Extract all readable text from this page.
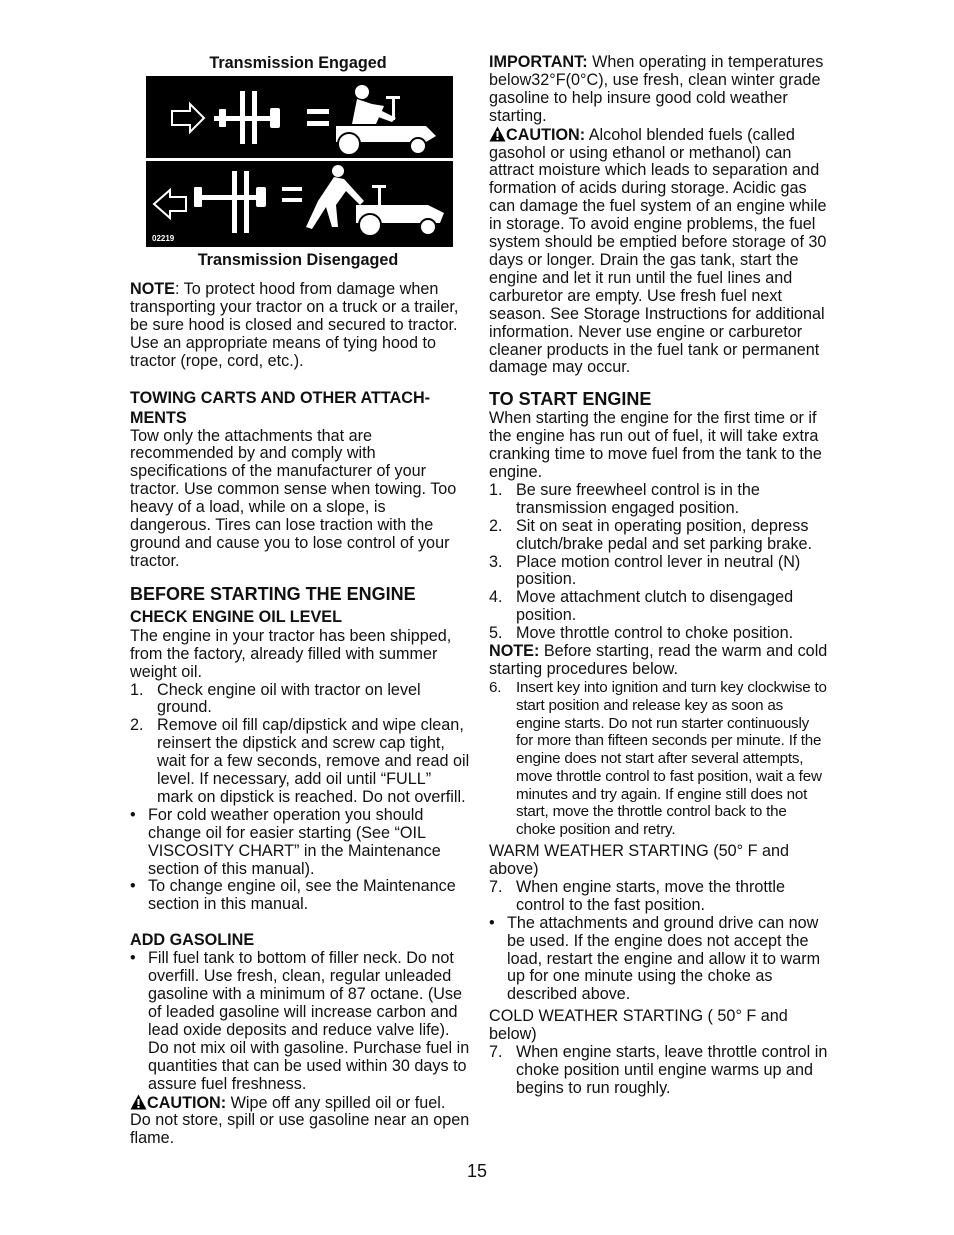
Transmission Engaged
02219
Transmission Disengaged

NOTE: To protect hood from damage when transporting your tractor on a truck or a trailer, be sure hood is closed and secured to tractor. Use an appropriate means of tying hood to tractor (rope, cord, etc.).

TOWING CARTS AND OTHER ATTACH-
MENTS

Tow only the attachments that are recommended by and comply with specifications of the manufacturer of your tractor. Use common sense when towing. Too heavy of a load, while on a slope, is dangerous. Tires can lose traction with the ground and cause you to lose control of your tractor.

BEFORE STARTING THE ENGINE
CHECK ENGINE OIL LEVEL

The engine in your tractor has been shipped, from the factory, already filled with summer weight oil.

1. Check engine oil with tractor on level ground.
2. Remove oil fill cap/dipstick and wipe clean, reinsert the dipstick and screw cap tight, wait for a few seconds, remove and read oil level. If necessary, add oil until “FULL” mark on dipstick is reached. Do not overfill.
• For cold weather operation you should change oil for easier starting (See “OIL VISCOSITY CHART” in the Maintenance section of this manual).
• To change engine oil, see the Maintenance section in this manual.
ADD GASOLINE
• Fill fuel tank to bottom of filler neck. Do not overfill. Use fresh, clean, regular unleaded gasoline with a minimum of 87 octane. (Use of leaded gasoline will increase carbon and lead oxide deposits and reduce valve life). Do not mix oil with gasoline. Purchase fuel in quantities that can be used within 30 days to assure fuel freshness.

CAUTION: Wipe off any spilled oil or fuel. Do not store, spill or use gasoline near an open flame.

IMPORTANT: When operating in temperatures below32°F(0°C), use fresh, clean winter grade gasoline to help insure good cold weather starting.

CAUTION: Alcohol blended fuels (called gasohol or using ethanol or methanol) can attract moisture which leads to separation and formation of acids during storage. Acidic gas can damage the fuel system of an engine while in storage. To avoid engine problems, the fuel system should be emptied before storage of 30 days or longer. Drain the gas tank, start the engine and let it run until the fuel lines and carburetor are empty. Use fresh fuel next season. See Storage Instructions for additional information. Never use engine or carburetor cleaner products in the fuel tank or permanent damage may occur.

TO START ENGINE

When starting the engine for the first time or if the engine has run out of fuel, it will take extra cranking time to move fuel from the tank to the engine.

1. Be sure freewheel control is in the transmission engaged position.
2. Sit on seat in operating position, depress clutch/brake pedal and set parking brake.
3. Place motion control lever in neutral (N) position.
4. Move attachment clutch to disengaged position.
5. Move throttle control to choke position.

NOTE: Before starting, read the warm and cold starting procedures below.

6. Insert key into ignition and turn key clockwise to start position and release key as soon as engine starts. Do not run starter continuously for more than fifteen seconds per minute. If the engine does not start after several attempts, move throttle control to fast position, wait a few minutes and try again. If engine still does not start, move the throttle control back to the choke position and retry.

WARM WEATHER STARTING (50° F and above)

7. When engine starts, move the throttle control to the fast position.
• The attachments and ground drive can now be used. If the engine does not accept the load, restart the engine and allow it to warm up for one minute using the choke as described above.

COLD WEATHER STARTING ( 50° F and below)

7. When engine starts, leave throttle control in choke position until engine warms up and begins to run roughly.
15
